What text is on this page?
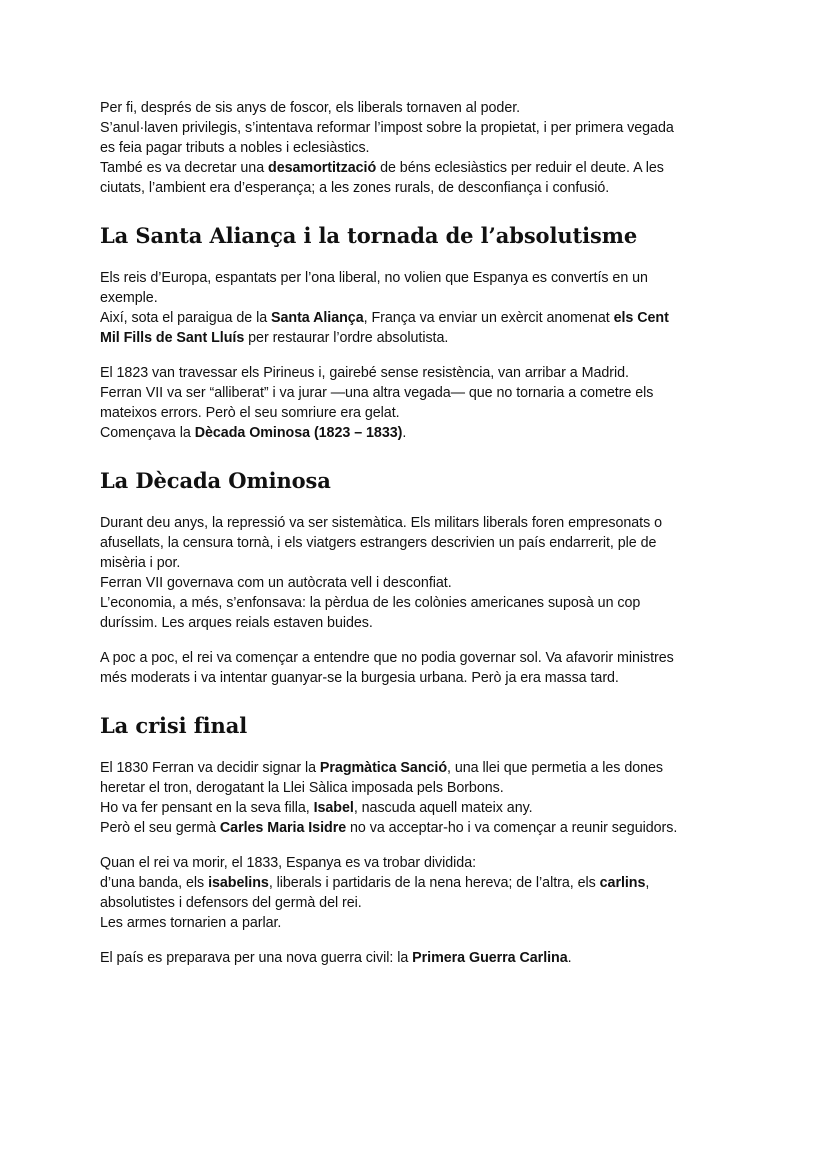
Per fi, després de sis anys de foscor, els liberals tornaven al poder.
S’anul·laven privilegis, s’intentava reformar l’impost sobre la propietat, i per primera vegada
es feia pagar tributs a nobles i eclesiàstics.
També es va decretar una desamortització de béns eclesiàstics per reduir el deute. A les
ciutats, l’ambient era d’esperança; a les zones rurals, de desconfiança i confusió.

La Santa Aliança i la tornada de l’absolutisme

Els reis d’Europa, espantats per l’ona liberal, no volien que Espanya es convertís en un
exemple.
Així, sota el paraigua de la Santa Aliança, França va enviar un exèrcit anomenat els Cent
Mil Fills de Sant Lluís per restaurar l’ordre absolutista.

El 1823 van travessar els Pirineus i, gairebé sense resistència, van arribar a Madrid.
Ferran VII va ser “alliberat” i va jurar —una altra vegada— que no tornaria a cometre els
mateixos errors. Però el seu somriure era gelat.
Començava la Dècada Ominosa (1823 – 1833).

La Dècada Ominosa

Durant deu anys, la repressió va ser sistemàtica. Els militars liberals foren empresonats o
afusellats, la censura tornà, i els viatgers estrangers descrivien un país endarrerit, ple de
misèria i por.
Ferran VII governava com un autòcrata vell i desconfiat.
L’economia, a més, s’enfonsava: la pèrdua de les colònies americanes suposà un cop
duríssim. Les arques reials estaven buides.

A poc a poc, el rei va començar a entendre que no podia governar sol. Va afavorir ministres
més moderats i va intentar guanyar-se la burgesia urbana. Però ja era massa tard.

La crisi final

El 1830 Ferran va decidir signar la Pragmàtica Sanció, una llei que permetia a les dones
heretar el tron, derogatant la Llei Sàlica imposada pels Borbons.
Ho va fer pensant en la seva filla, Isabel, nascuda aquell mateix any.
Però el seu germà Carles Maria Isidre no va acceptar-ho i va començar a reunir seguidors.

Quan el rei va morir, el 1833, Espanya es va trobar dividida:
d’una banda, els isabelins, liberals i partidaris de la nena hereva; de l’altra, els carlins,
absolutistes i defensors del germà del rei.
Les armes tornarien a parlar.

El país es preparava per una nova guerra civil: la Primera Guerra Carlina.
